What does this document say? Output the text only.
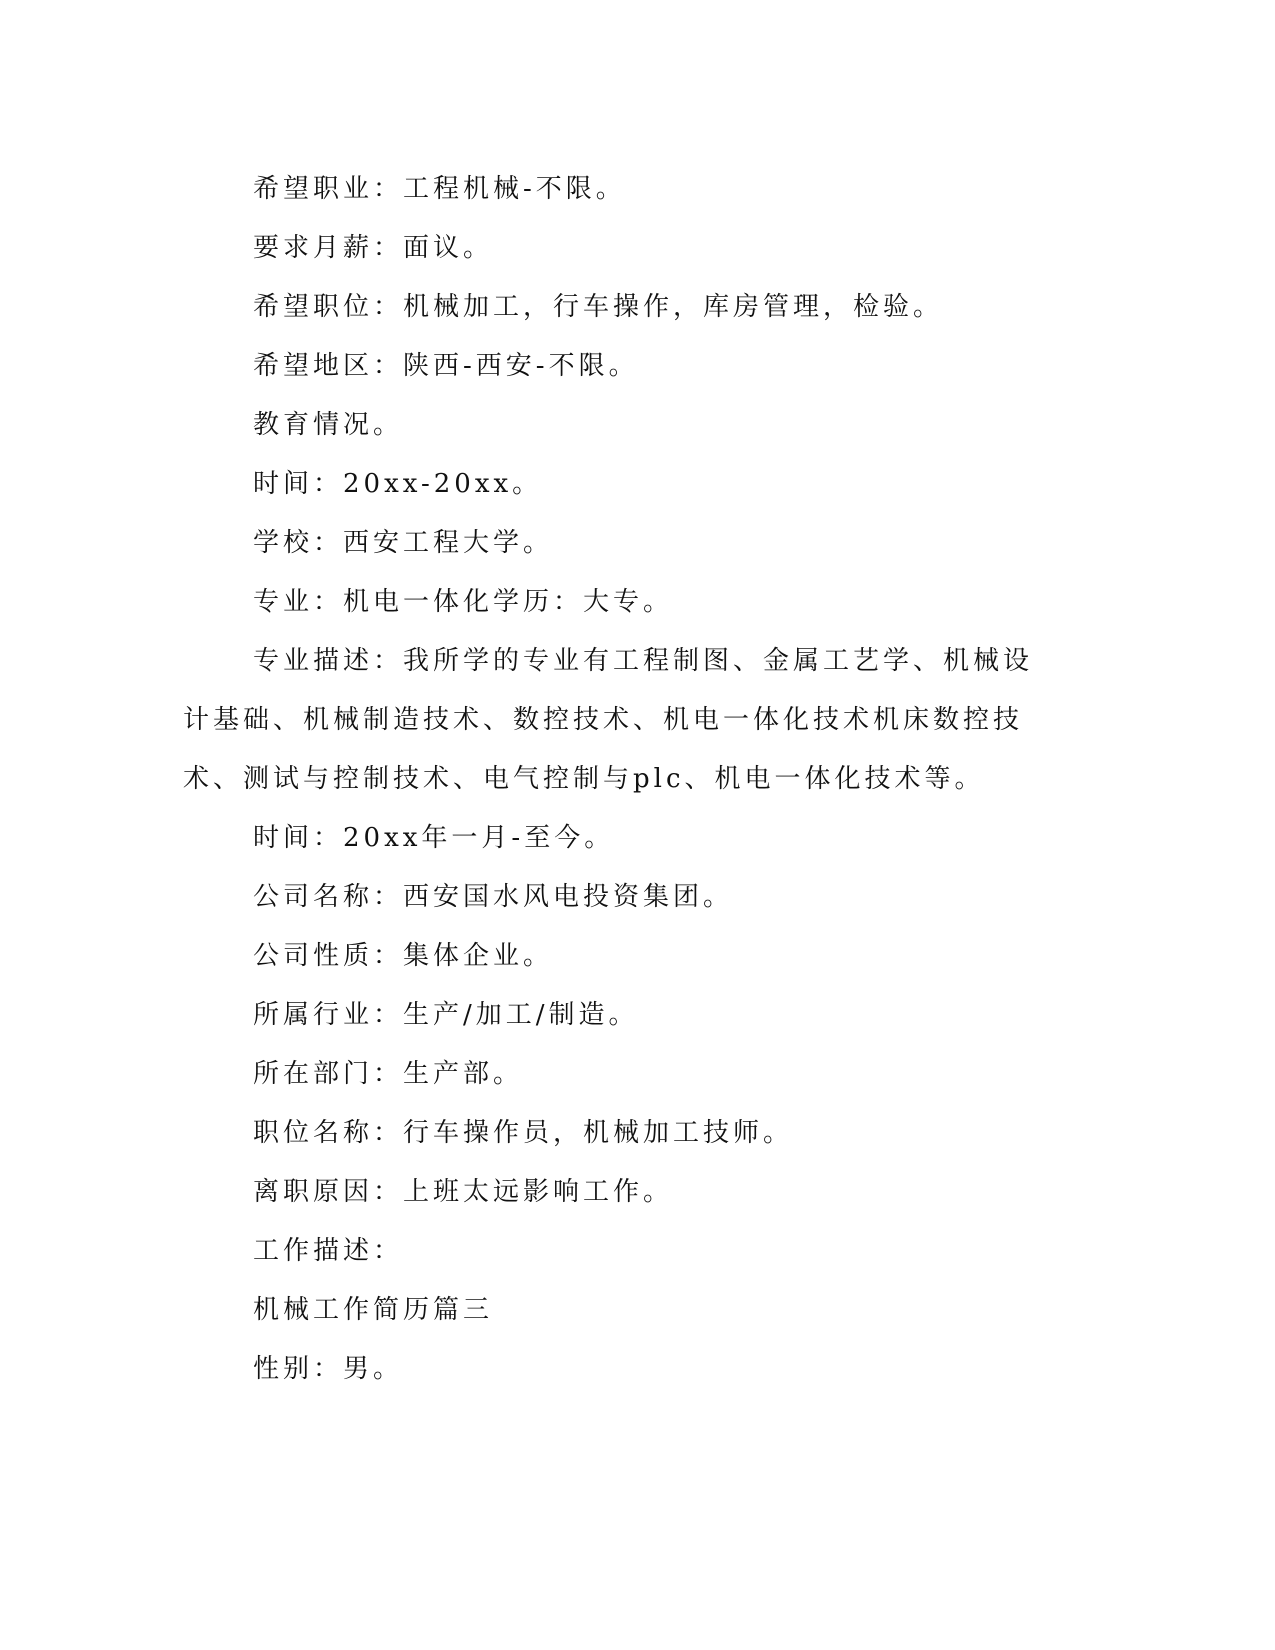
希望职业：工程机械-不限。

要求月薪：面议。

希望职位：机械加工，行车操作，库房管理，检验。

希望地区：陕西-西安-不限。

教育情况。

时间：20xx-20xx。

学校：西安工程大学。

专业：机电一体化学历：大专。

专业描述：我所学的专业有工程制图、金属工艺学、机械设计基础、机械制造技术、数控技术、机电一体化技术机床数控技术、测试与控制技术、电气控制与plc、机电一体化技术等。

时间：20xx年一月-至今。

公司名称：西安国水风电投资集团。

公司性质：集体企业。

所属行业：生产/加工/制造。

所在部门：生产部。

职位名称：行车操作员，机械加工技师。

离职原因：上班太远影响工作。

工作描述：

机械工作简历篇三

性别：男。
